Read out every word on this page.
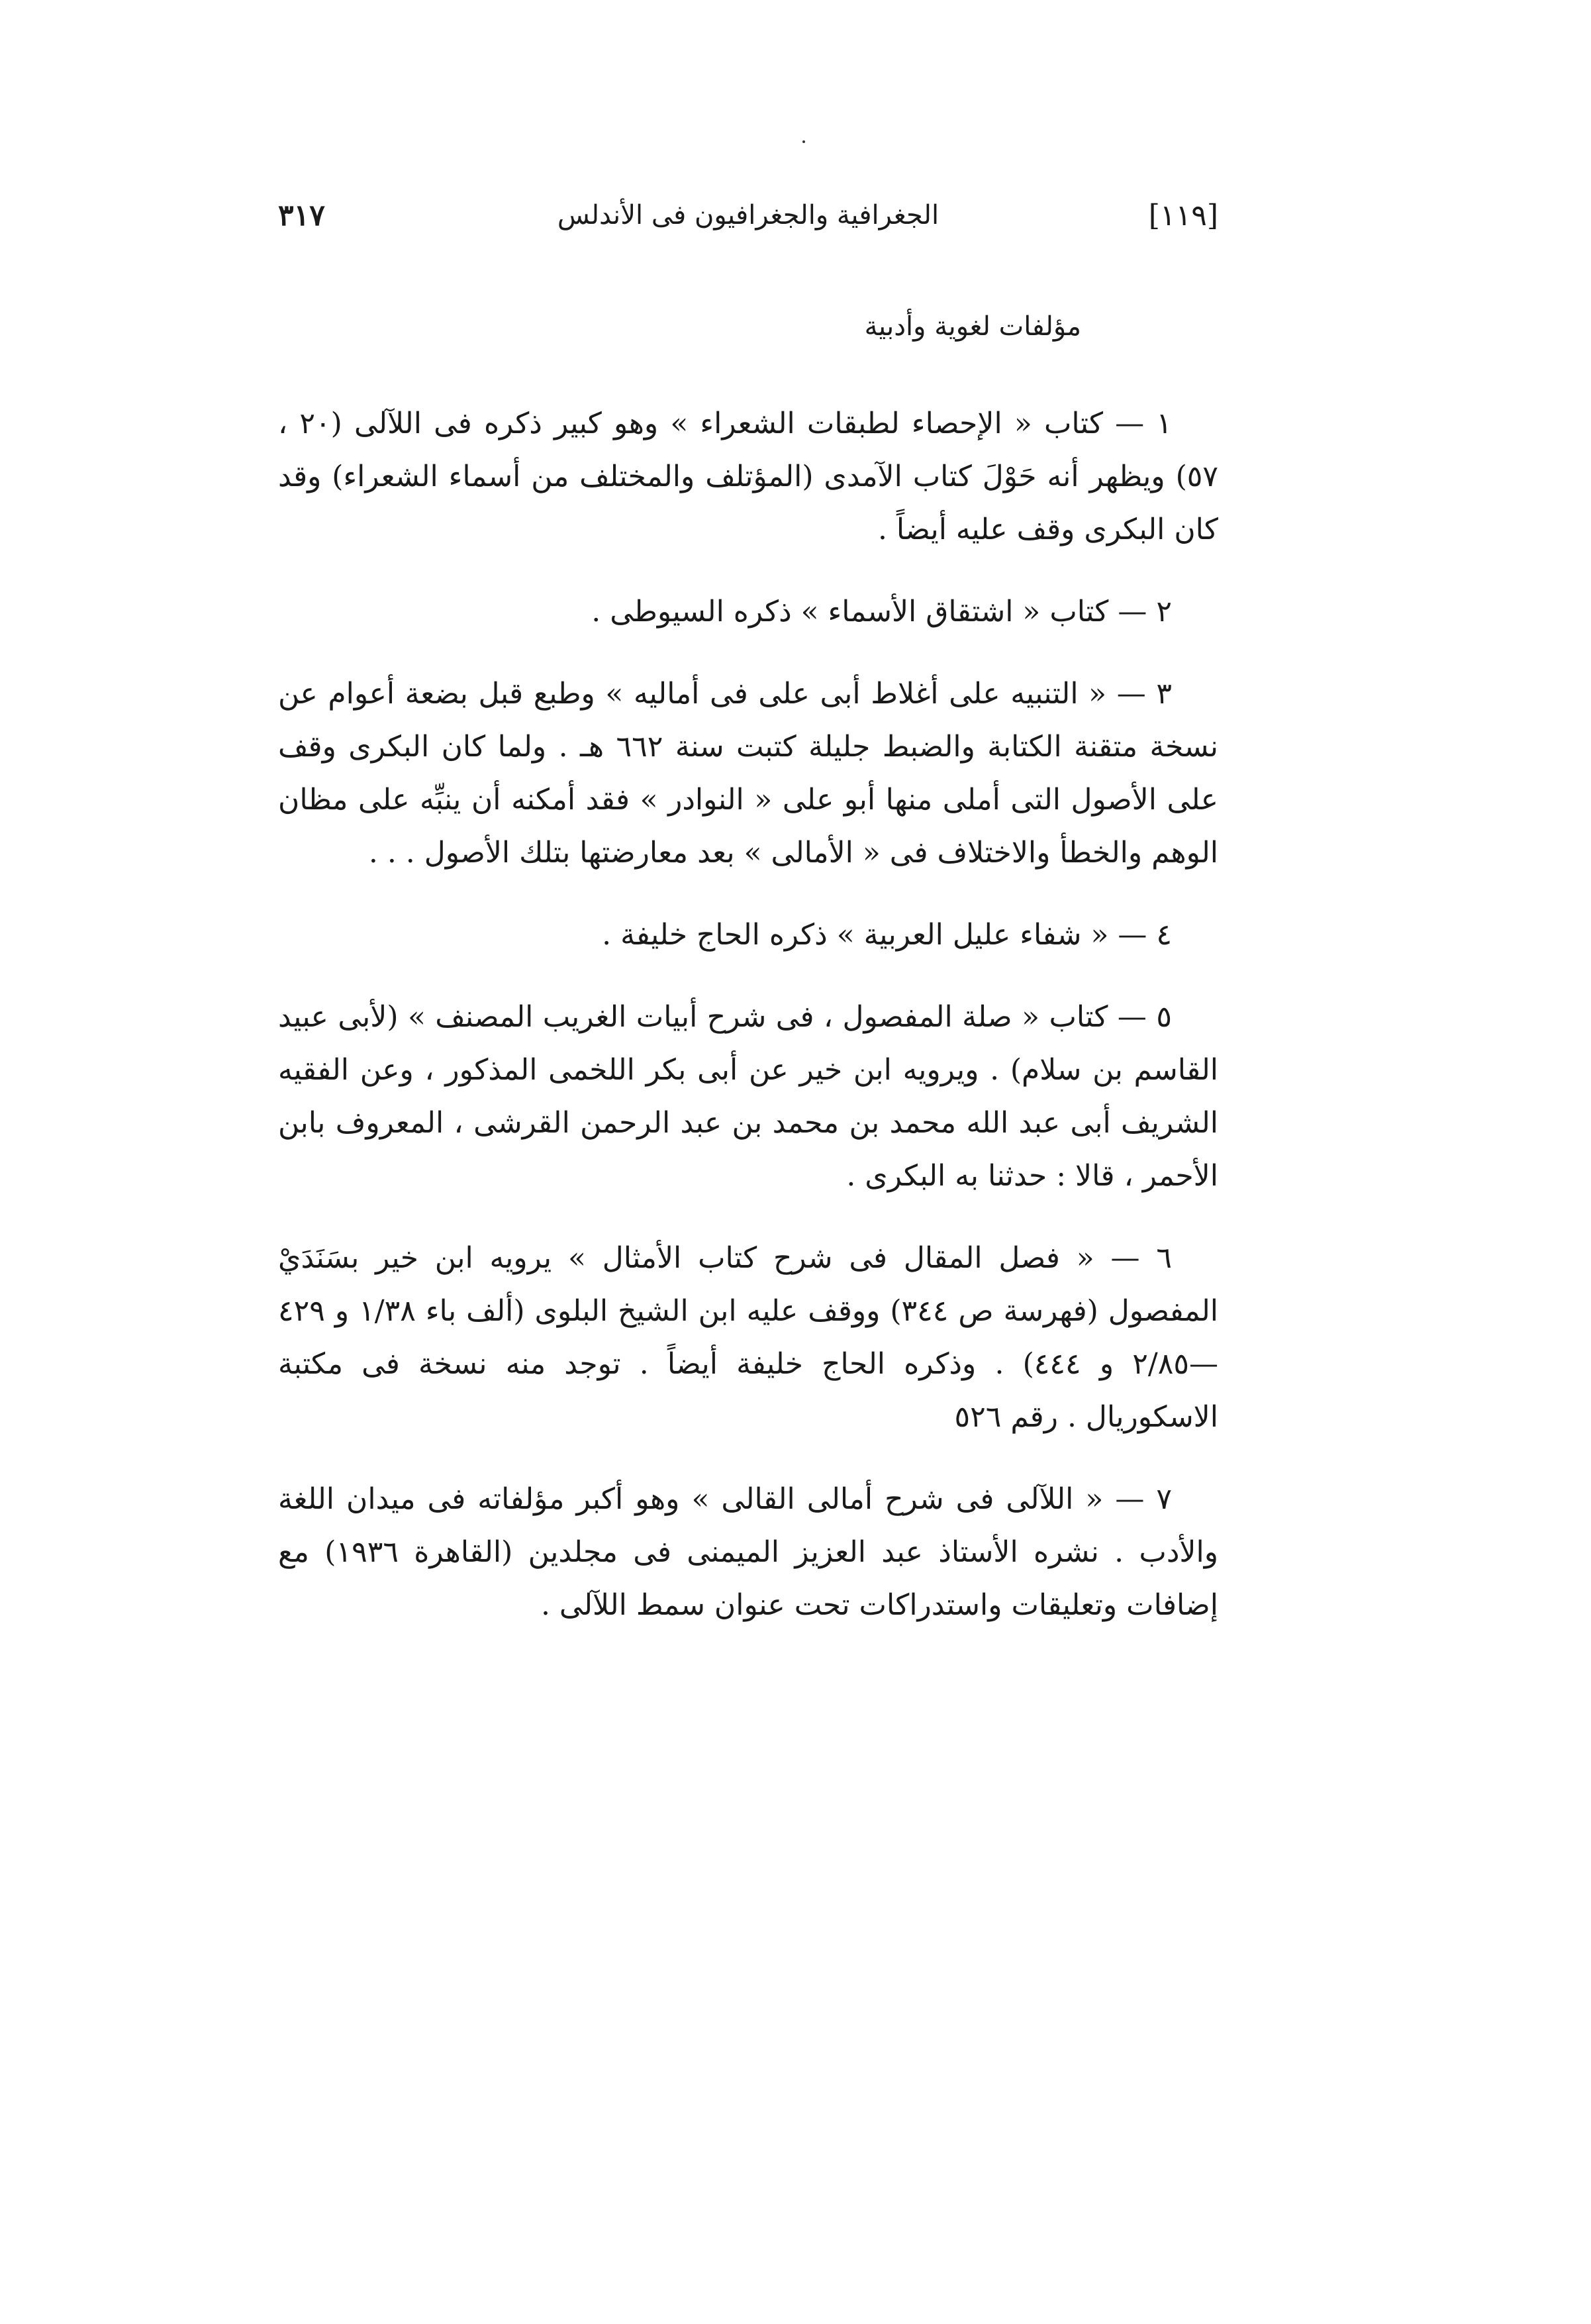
[١١٩]
الجغرافية والجغرافيون فى الأندلس
٣١٧
مؤلفات لغوية وأدبية

١ — كتاب « الإحصاء لطبقات الشعراء » وهو كبير ذكره فى اللآلى (٢٠ ، ٥٧) ويظهر أنه حَوْلَ كتاب الآمدى (المؤتلف والمختلف من أسماء الشعراء) وقد كان البكرى وقف عليه أيضاً .

٢ — كتاب « اشتقاق الأسماء » ذكره السيوطى .

٣ — « التنبيه على أغلاط أبى على فى أماليه » وطبع قبل بضعة أعوام عن نسخة متقنة الكتابة والضبط جليلة كتبت سنة ٦٦٢ هـ . ولما كان البكرى وقف على الأصول التى أملى منها أبو على « النوادر » فقد أمكنه أن ينبِّه على مظان الوهم والخطأ والاختلاف فى « الأمالى » بعد معارضتها بتلك الأصول . . .

٤ — « شفاء عليل العربية » ذكره الحاج خليفة .

٥ — كتاب « صلة المفصول ، فى شرح أبيات الغريب المصنف » (لأبى عبيد القاسم بن سلام) . ويرويه ابن خير عن أبى بكر اللخمى المذكور ، وعن الفقيه الشريف أبى عبد الله محمد بن محمد بن عبد الرحمن القرشى ، المعروف بابن الأحمر ، قالا : حدثنا به البكرى .

٦ — « فصل المقال فى شرح كتاب الأمثال » يرويه ابن خير بسَنَدَيْ المفصول (فهرسة ص ٣٤٤) ووقف عليه ابن الشيخ البلوى (ألف باء ١/٣٨ و ٤٢٩—٢/٨٥ و ٤٤٤) . وذكره الحاج خليفة أيضاً . توجد منه نسخة فى مكتبة الاسكوريال . رقم ٥٢٦

٧ — « اللآلى فى شرح أمالى القالى » وهو أكبر مؤلفاته فى ميدان اللغة والأدب . نشره الأستاذ عبد العزيز الميمنى فى مجلدين (القاهرة ١٩٣٦) مع إضافات وتعليقات واستدراكات تحت عنوان سمط اللآلى .
